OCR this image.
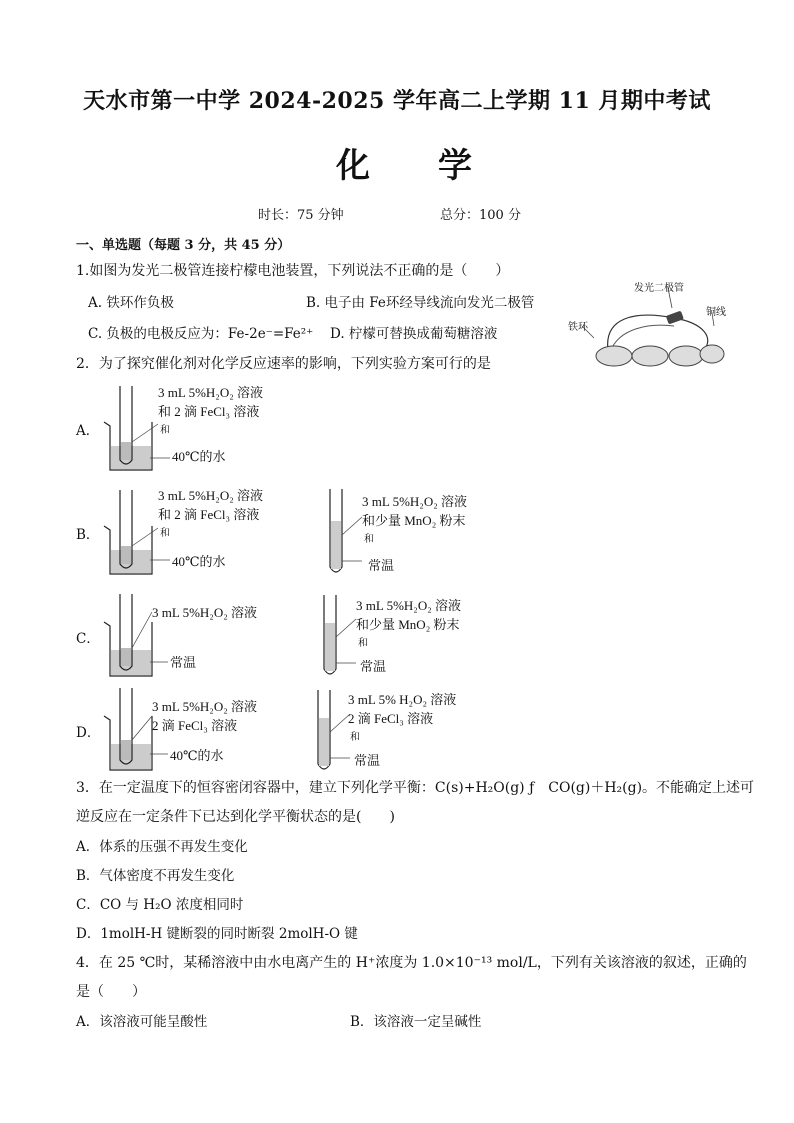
天水市第一中学 2024-2025 学年高二上学期 11 月期中考试
化 学
时长：75 分钟	总分：100 分
一、单选题（每题 3 分，共 45 分）
1.如图为发光二极管连接柠檬电池装置，下列说法不正确的是（　　）
A. 铁环作负极	B. 电子由 Fe环经导线流向发光二极管
C. 负极的电极反应为：Fe-2e⁻=Fe²⁺ D. 柠檬可替换成葡萄糖溶液
发光二极管
铜线
铁环
2．为了探究催化剂对化学反应速率的影响，下列实验方案可行的是
A．
3 mL 5%H₂O₂ 溶液
和 2 滴 FeCl₃ 溶液
和
40℃的水
B．
3 mL 5%H₂O₂ 溶液
和 2 滴 FeCl₃ 溶液
和
40℃的水
3 mL 5%H₂O₂ 溶液
和少量 MnO₂ 粉末
和
常温
C．
3 mL 5%H₂O₂ 溶液
常温
3 mL 5%H₂O₂ 溶液
和少量 MnO₂ 粉末
和
常温
D．
3 mL 5%H₂O₂ 溶液
2 滴 FeCl₃ 溶液
40℃的水
3 mL 5% H₂O₂ 溶液
2 滴 FeCl₃ 溶液
和
常温
3．在一定温度下的恒容密闭容器中，建立下列化学平衡：C(s)+H₂O(g) ƒ　CO(g)＋H₂(g)。不能确定上述可
逆反应在一定条件下已达到化学平衡状态的是(　　)
A．体系的压强不再发生变化
B．气体密度不再发生变化
C．CO 与 H₂O 浓度相同时
D．1molH-H 键断裂的同时断裂 2molH-O 键
4．在 25 ℃时，某稀溶液中由水电离产生的 H⁺浓度为 1.0×10⁻¹³ mol/L，下列有关该溶液的叙述，正确的
是（　　）
A．该溶液可能呈酸性	B．该溶液一定呈碱性
